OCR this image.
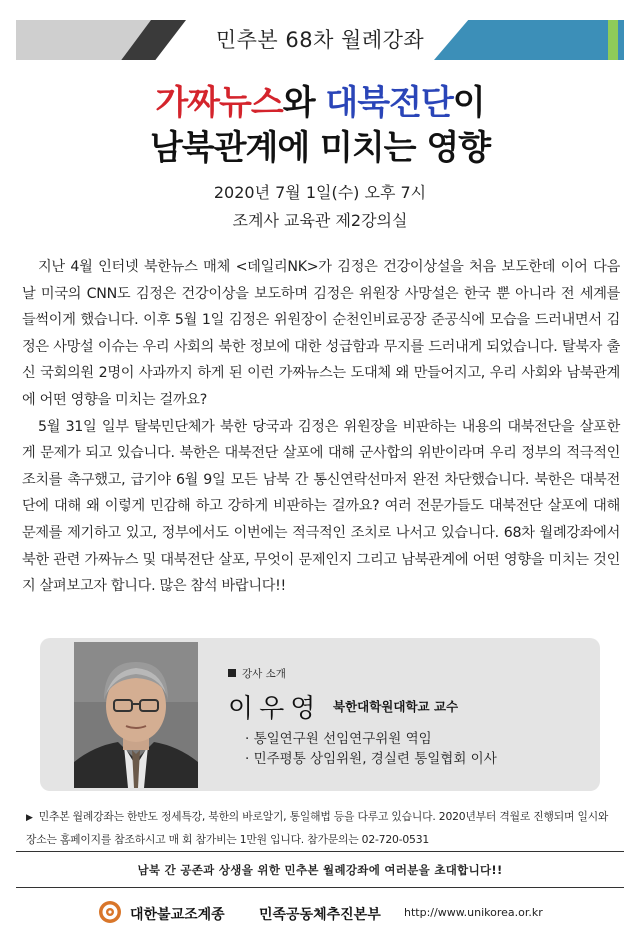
민추본 68차 월례강좌
가짜뉴스와 대북전단이
남북관계에 미치는 영향
2020년 7월 1일(수) 오후 7시
조계사 교육관 제2강의실

지난 4월 인터넷 북한뉴스 매체 <데일리NK>가 김정은 건강이상설을 처음 보도한데 이어 다음 날 미국의 CNN도 김정은 건강이상을 보도하며 김정은 위원장 사망설은 한국 뿐 아니라 전 세계를 들썩이게 했습니다. 이후 5월 1일 김정은 위원장이 순천인비료공장 준공식에 모습을 드러내면서 김정은 사망설 이슈는 우리 사회의 북한 정보에 대한 성급함과 무지를 드러내게 되었습니다. 탈북자 출신 국회의원 2명이 사과까지 하게 된 이런 가짜뉴스는 도대체 왜 만들어지고, 우리 사회와 남북관계에 어떤 영향을 미치는 걸까요?

5월 31일 일부 탈북민단체가 북한 당국과 김정은 위원장을 비판하는 내용의 대북전단을 살포한 게 문제가 되고 있습니다. 북한은 대북전단 살포에 대해 군사합의 위반이라며 우리 정부의 적극적인 조치를 촉구했고, 급기야 6월 9일 모든 남북 간 통신연락선마저 완전 차단했습니다. 북한은 대북전단에 대해 왜 이렇게 민감해 하고 강하게 비판하는 걸까요? 여러 전문가들도 대북전단 살포에 대해 문제를 제기하고 있고, 정부에서도 이번에는 적극적인 조치로 나서고 있습니다. 68차 월례강좌에서 북한 관련 가짜뉴스 및 대북전단 살포, 무엇이 문제인지 그리고 남북관계에 어떤 영향을 미치는 것인지 살펴보고자 합니다. 많은 참석 바랍니다!!

강사 소개
이우영 북한대학원대학교 교수
· 통일연구원 선임연구위원 역임
· 민주평통 상임위원, 경실련 통일협회 이사
▶ 민추본 월례강좌는 한반도 정세특강, 북한의 바로알기, 통일해법 등을 다루고 있습니다. 2020년부터 격월로 진행되며 일시와 장소는 홈페이지를 참조하시고 매 회 참가비는 1만원 입니다. 참가문의는 02-720-0531
남북 간 공존과 상생을 위한 민추본 월례강좌에 여러분을 초대합니다!!
대한불교조계종 민족공동체추진본부 http://www.unikorea.or.kr
